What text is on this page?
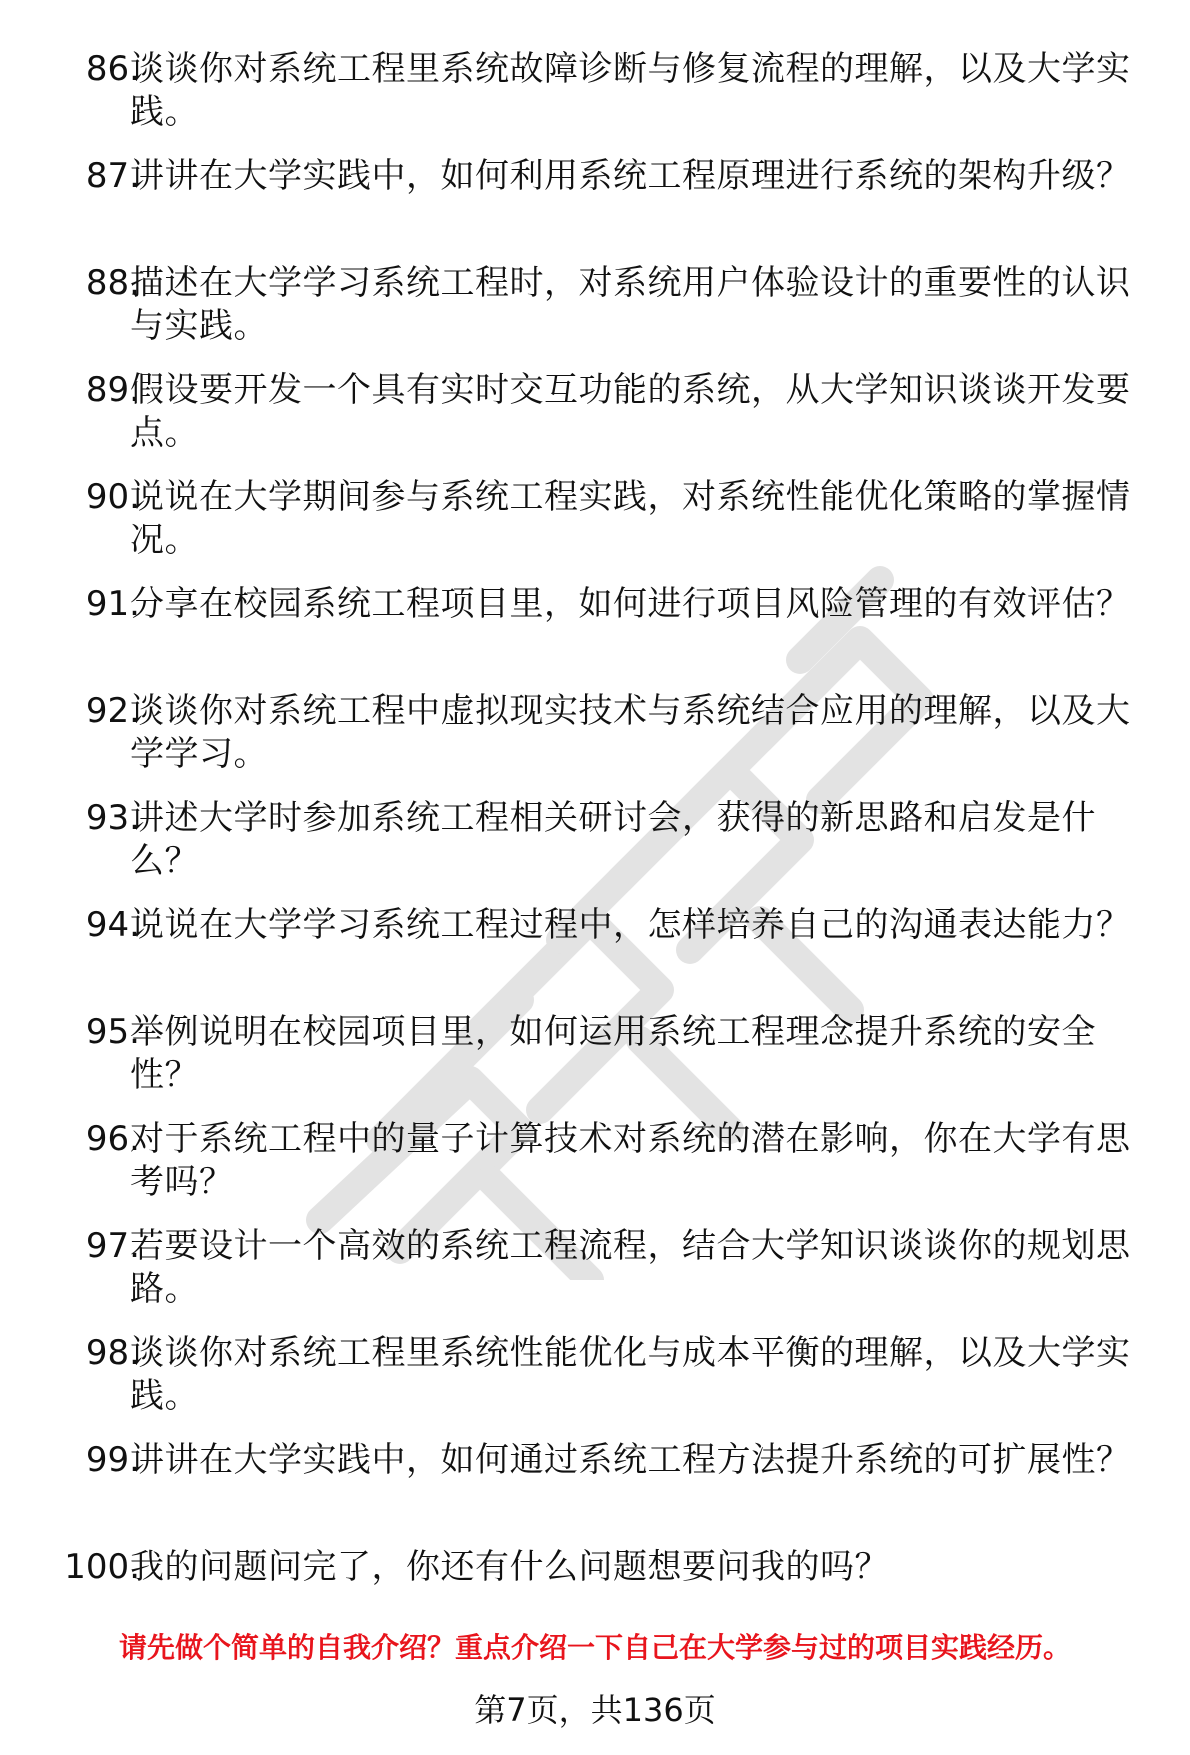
86.
谈谈你对系统工程里系统故障诊断与修复流程的理解，以及大学实践。
87.
讲讲在大学实践中，如何利用系统工程原理进行系统的架构升级？
88.
描述在大学学习系统工程时，对系统用户体验设计的重要性的认识与实践。
89.
假设要开发一个具有实时交互功能的系统，从大学知识谈谈开发要点。
90.
说说在大学期间参与系统工程实践，对系统性能优化策略的掌握情况。
91.
分享在校园系统工程项目里，如何进行项目风险管理的有效评估？
92.
谈谈你对系统工程中虚拟现实技术与系统结合应用的理解，以及大学学习。
93.
讲述大学时参加系统工程相关研讨会，获得的新思路和启发是什么？
94.
说说在大学学习系统工程过程中，怎样培养自己的沟通表达能力？
95.
举例说明在校园项目里，如何运用系统工程理念提升系统的安全性？
96.
对于系统工程中的量子计算技术对系统的潜在影响，你在大学有思考吗？
97.
若要设计一个高效的系统工程流程，结合大学知识谈谈你的规划思路。
98.
谈谈你对系统工程里系统性能优化与成本平衡的理解，以及大学实践。
99.
讲讲在大学实践中，如何通过系统工程方法提升系统的可扩展性？
100.
我的问题问完了，你还有什么问题想要问我的吗？
请先做个简单的自我介绍？重点介绍一下自己在大学参与过的项目实践经历。
第7页，共136页
